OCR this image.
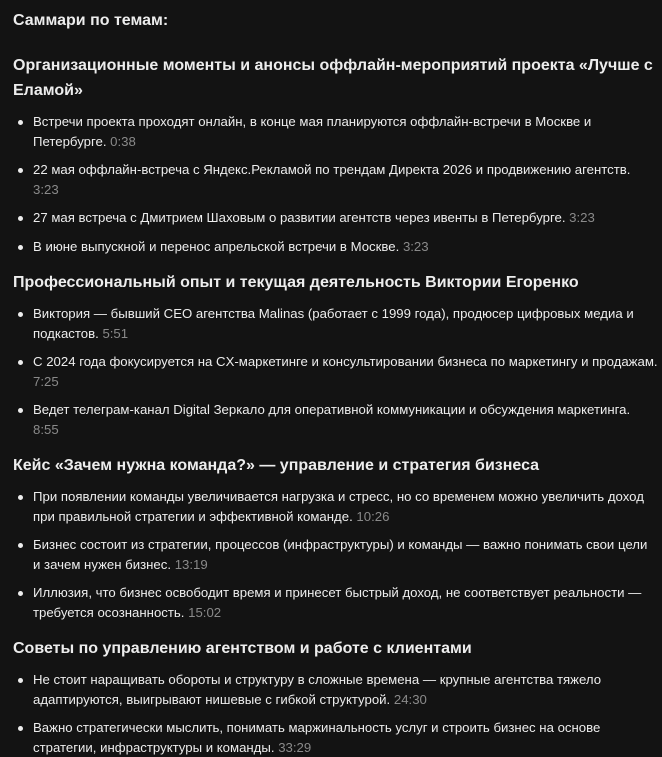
Саммари по темам:
Организационные моменты и анонсы оффлайн-мероприятий проекта «Лучше с Еламой»
Встречи проекта проходят онлайн, в конце мая планируются оффлайн-встречи в Москве и Петербурге. 0:38
22 мая оффлайн-встреча с Яндекс.Рекламой по трендам Директа 2026 и продвижению агентств. 3:23
27 мая встреча с Дмитрием Шаховым о развитии агентств через ивенты в Петербурге. 3:23
В июне выпускной и перенос апрельской встречи в Москве. 3:23
Профессиональный опыт и текущая деятельность Виктории Егоренко
Виктория — бывший CEO агентства Malinas (работает с 1999 года), продюсер цифровых медиа и подкастов. 5:51
С 2024 года фокусируется на CX-маркетинге и консультировании бизнеса по маркетингу и продажам. 7:25
Ведет телеграм-канал Digital Зеркало для оперативной коммуникации и обсуждения маркетинга. 8:55
Кейс «Зачем нужна команда?» — управление и стратегия бизнеса
При появлении команды увеличивается нагрузка и стресс, но со временем можно увеличить доход при правильной стратегии и эффективной команде. 10:26
Бизнес состоит из стратегии, процессов (инфраструктуры) и команды — важно понимать свои цели и зачем нужен бизнес. 13:19
Иллюзия, что бизнес освободит время и принесет быстрый доход, не соответствует реальности — требуется осознанность. 15:02
Советы по управлению агентством и работе с клиентами
Не стоит наращивать обороты и структуру в сложные времена — крупные агентства тяжело адаптируются, выигрывают нишевые с гибкой структурой. 24:30
Важно стратегически мыслить, понимать маржинальность услуг и строить бизнес на основе стратегии, инфраструктуры и команды. 33:29
